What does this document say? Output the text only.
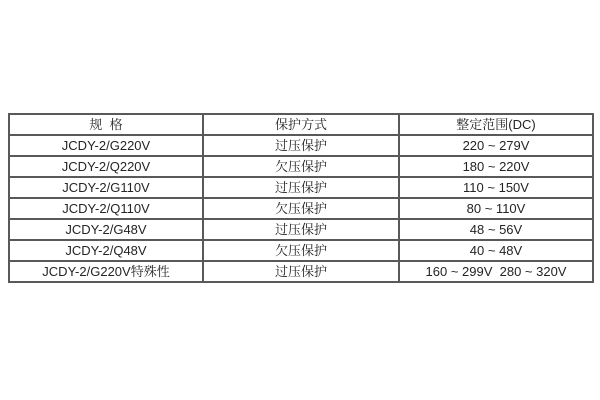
规  格	保护方式	整定范围(DC)
JCDY-2/G220V	过压保护	220 ~ 279V
JCDY-2/Q220V	欠压保护	180 ~ 220V
JCDY-2/G110V	过压保护	110 ~ 150V
JCDY-2/Q110V	欠压保护	80 ~ 110V
JCDY-2/G48V	过压保护	48 ~ 56V
JCDY-2/Q48V	欠压保护	40 ~ 48V
JCDY-2/G220V特殊性	过压保护	160 ~ 299V  280 ~ 320V
